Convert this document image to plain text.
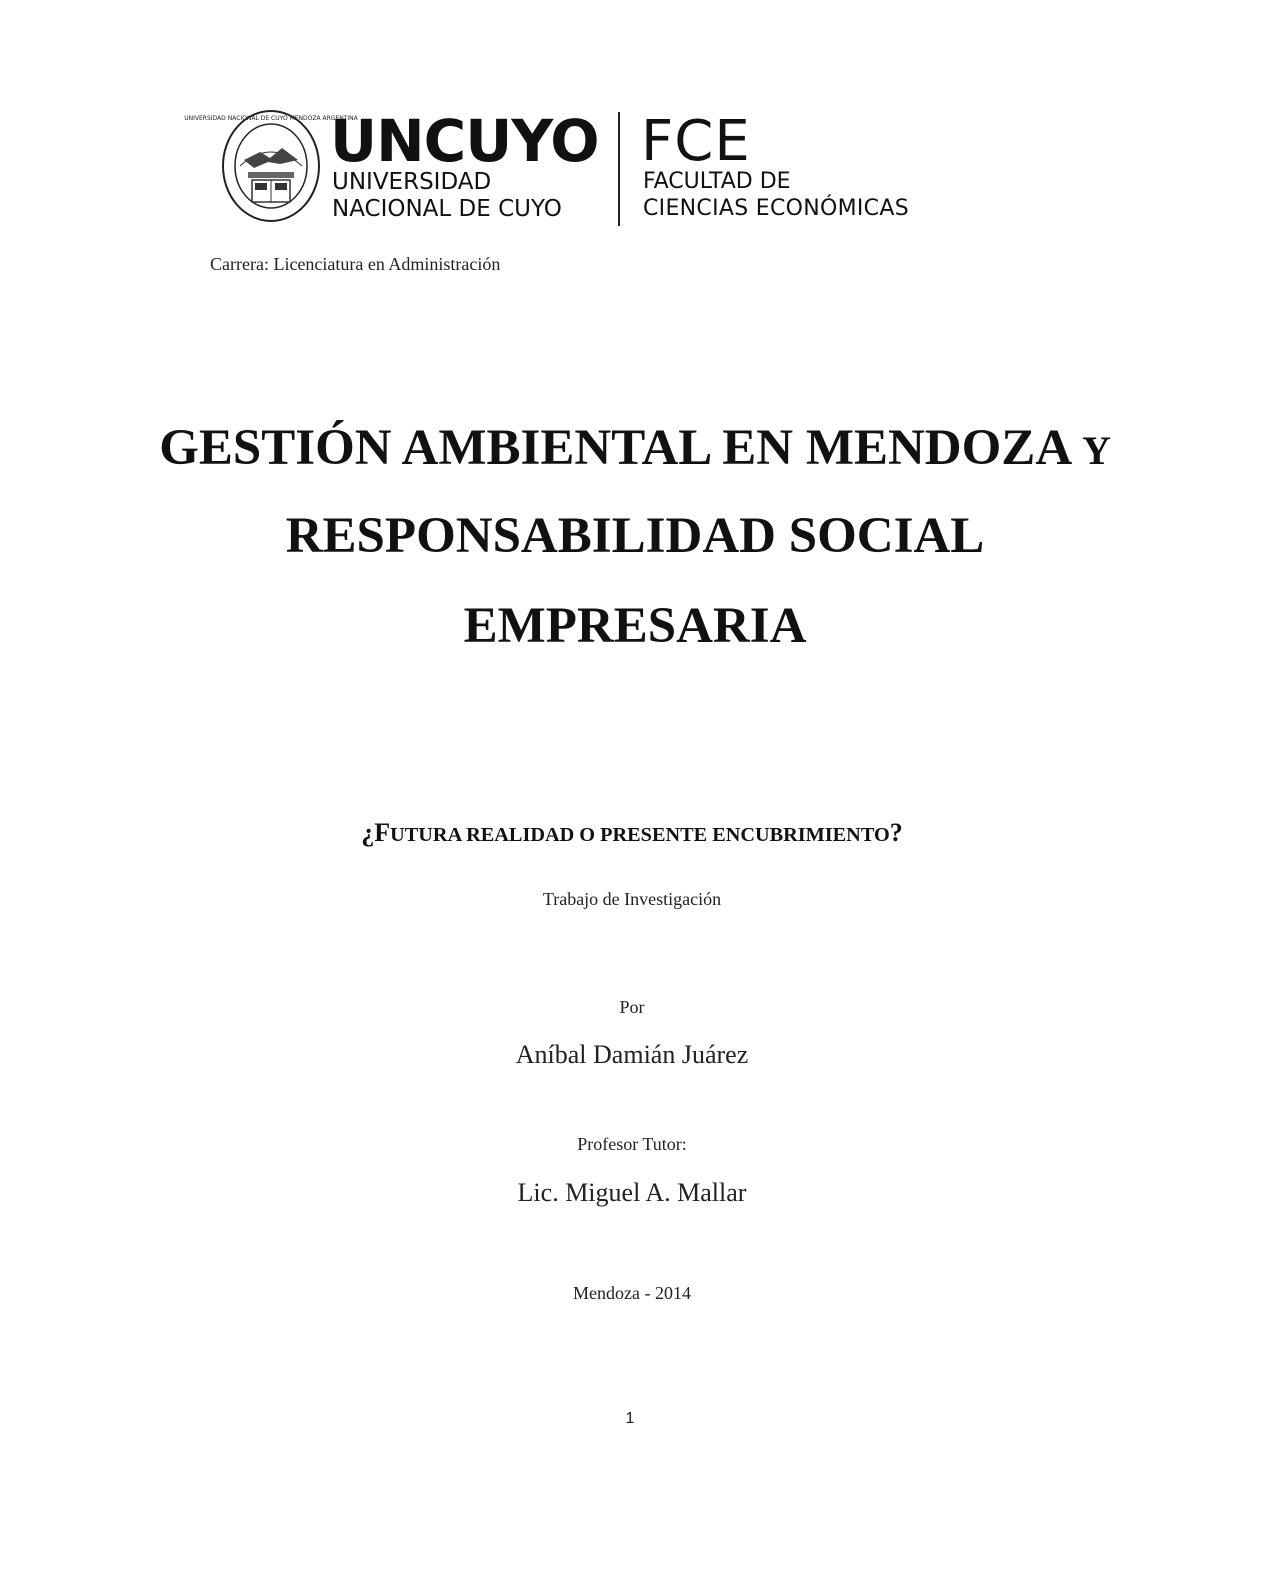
UNIVERSIDAD NACIONAL DE CUYO MENDOZA ARGENTINA
UNCUYO
UNIVERSIDAD
NACIONAL DE CUYO
FCE
FACULTAD DE
CIENCIAS ECONÓMICAS
Carrera: Licenciatura en Administración
GESTIÓN AMBIENTAL EN MENDOZA Y
RESPONSABILIDAD SOCIAL
EMPRESARIA
¿FUTURA REALIDAD O PRESENTE ENCUBRIMIENTO?
Trabajo de Investigación
Por
Aníbal Damián Juárez
Profesor Tutor:
Lic. Miguel A. Mallar
Mendoza - 2014
1
